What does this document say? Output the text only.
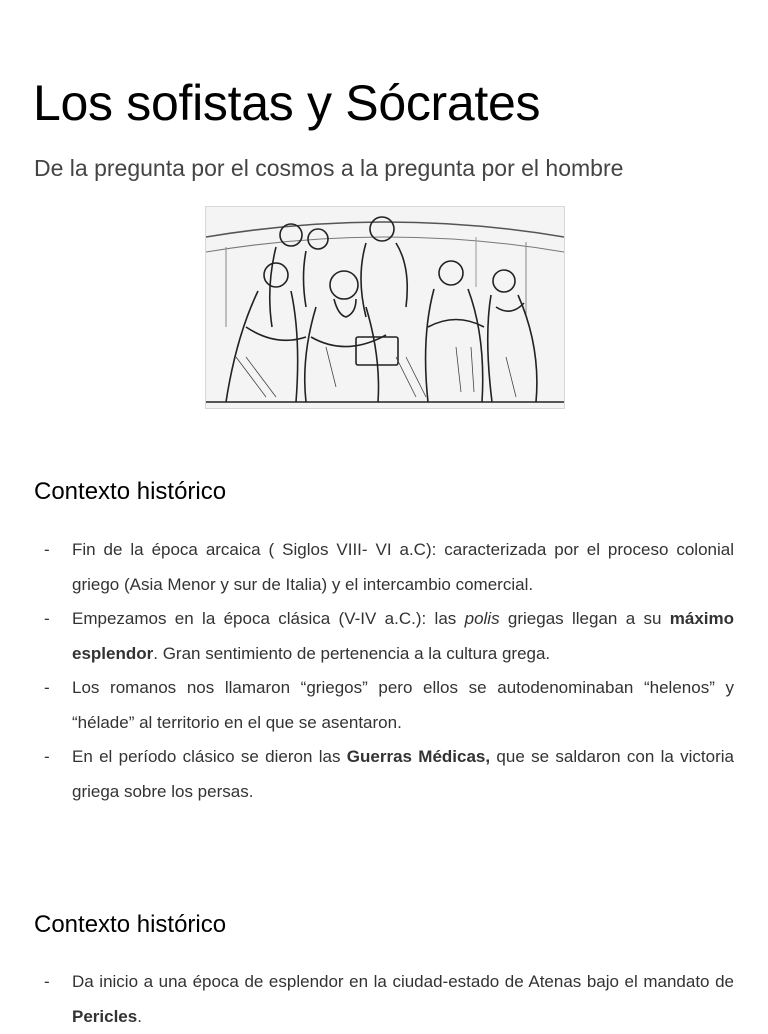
Los sofistas y Sócrates

De la pregunta por el cosmos a la pregunta por el hombre

Contexto histórico
- Fin de la época arcaica ( Siglos VIII- VI a.C): caracterizada por el proceso colonial griego (Asia Menor y sur de Italia) y el intercambio comercial.
- Empezamos en la época clásica (V-IV a.C.): las polis griegas llegan a su máximo esplendor. Gran sentimiento de pertenencia a la cultura grega.
- Los romanos nos llamaron “griegos” pero ellos se autodenominaban “helenos” y “hélade” al territorio en el que se asentaron.
- En el período clásico se dieron las Guerras Médicas, que se saldaron con la victoria griega sobre los persas.
Contexto histórico
- Da inicio a una época de esplendor en la ciudad-estado de Atenas bajo el mandato de Pericles.
